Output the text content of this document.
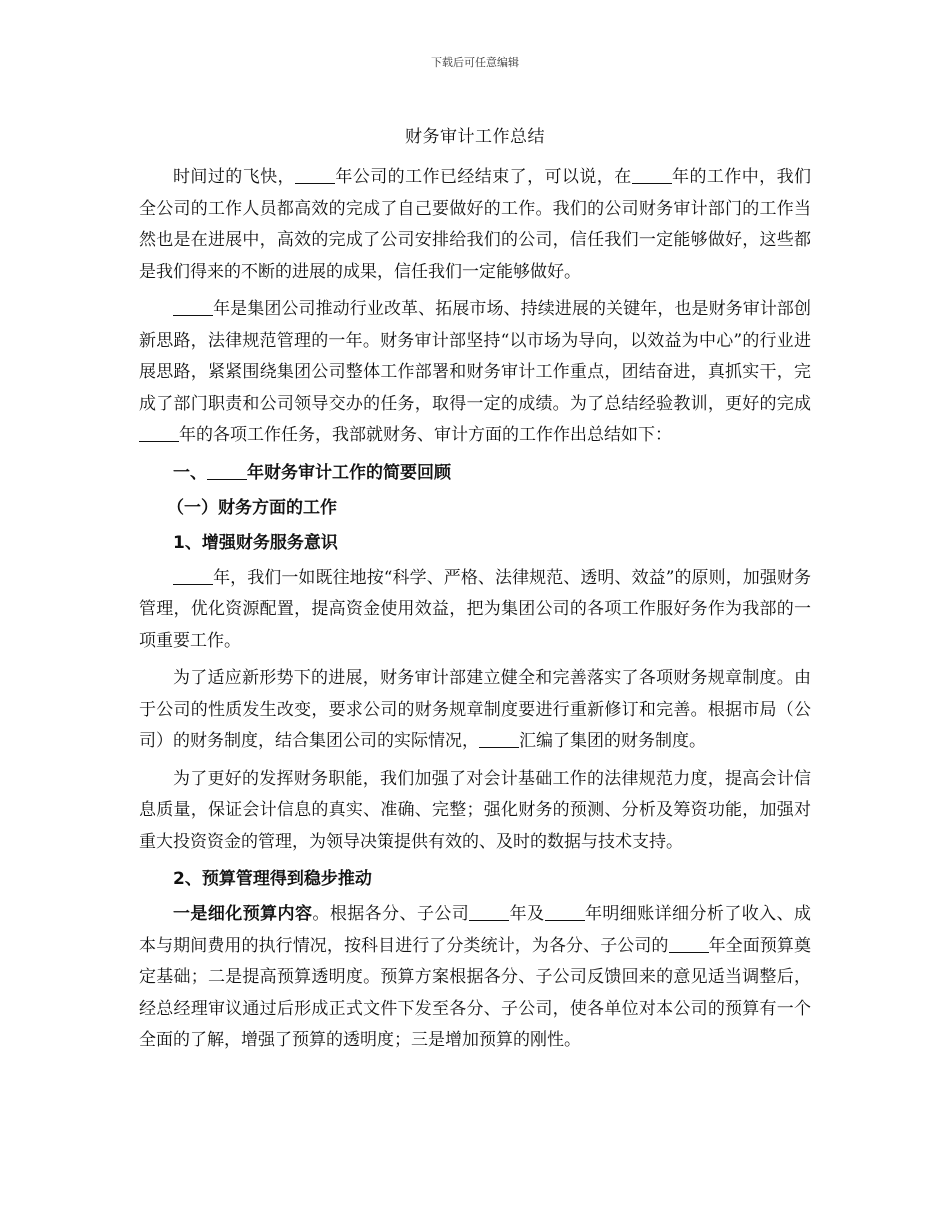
下载后可任意编辑
财务审计工作总结

时间过的飞快， 年公司的工作已经结束了，可以说，在 年的工作中，我们全公司的工作人员都高效的完成了自己要做好的工作。我们的公司财务审计部门的工作当然也是在进展中，高效的完成了公司安排给我们的公司，信任我们一定能够做好，这些都是我们得来的不断的进展的成果，信任我们一定能够做好。

年是集团公司推动行业改革、拓展市场、持续进展的关键年，也是财务审计部创新思路，法律规范管理的一年。财务审计部坚持“以市场为导向，以效益为中心”的行业进展思路，紧紧围绕集团公司整体工作部署和财务审计工作重点，团结奋进，真抓实干，完成了部门职责和公司领导交办的任务，取得一定的成绩。为了总结经验教训，更好的完成年的各项工作任务，我部就财务、审计方面的工作作出总结如下：

一、 年财务审计工作的简要回顾
（一）财务方面的工作
1、增强财务服务意识

年，我们一如既往地按“科学、严格、法律规范、透明、效益”的原则，加强财务管理，优化资源配置，提高资金使用效益，把为集团公司的各项工作服好务作为我部的一项重要工作。

为了适应新形势下的进展，财务审计部建立健全和完善落实了各项财务规章制度。由于公司的性质发生改变，要求公司的财务规章制度要进行重新修订和完善。根据市局（公司）的财务制度，结合集团公司的实际情况， 汇编了集团的财务制度。

为了更好的发挥财务职能，我们加强了对会计基础工作的法律规范力度，提高会计信息质量，保证会计信息的真实、准确、完整；强化财务的预测、分析及筹资功能，加强对重大投资资金的管理，为领导决策提供有效的、及时的数据与技术支持。

2、预算管理得到稳步推动

一是细化预算内容。根据各分、子公司 年及 年明细账详细分析了收入、成本与期间费用的执行情况，按科目进行了分类统计，为各分、子公司的 年全面预算奠定基础；二是提高预算透明度。预算方案根据各分、子公司反馈回来的意见适当调整后，经总经理审议通过后形成正式文件下发至各分、子公司，使各单位对本公司的预算有一个全面的了解，增强了预算的透明度；三是增加预算的刚性。
